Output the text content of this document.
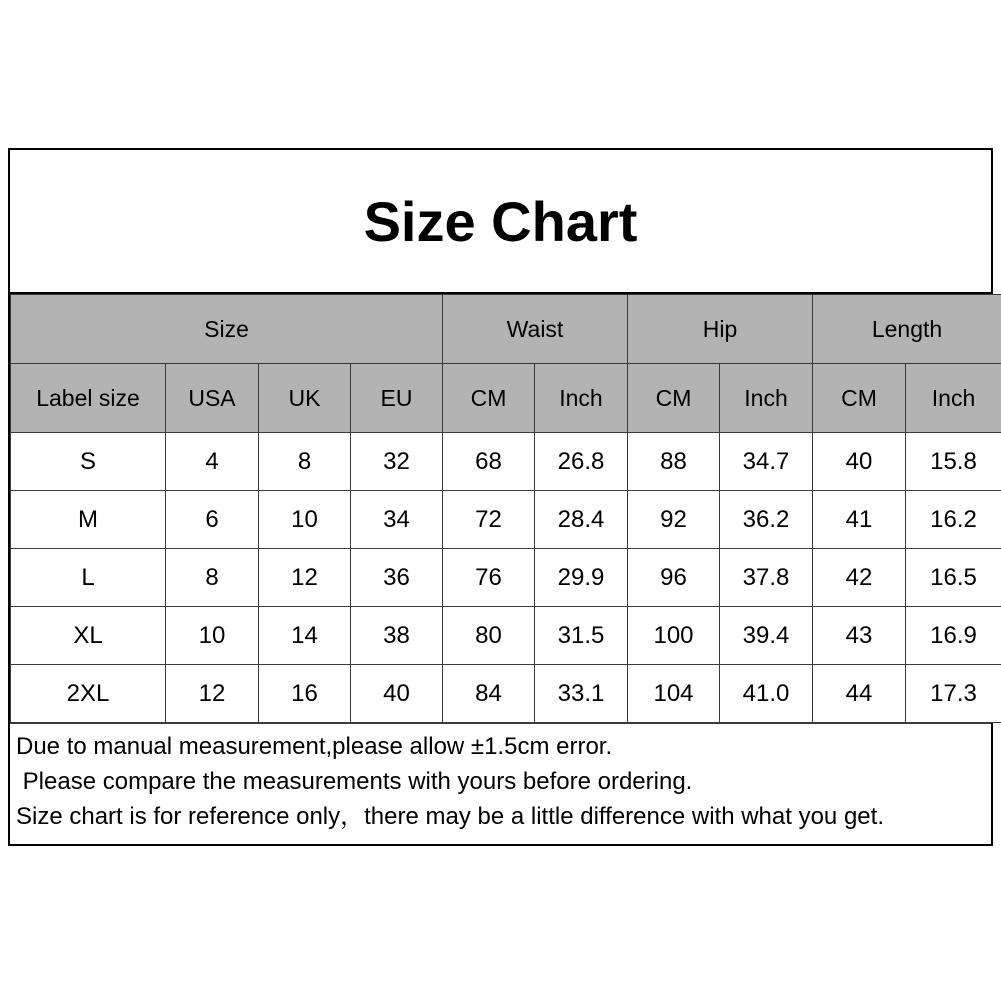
Size Chart
Size				Waist		Hip		Length	
Label size	USA	UK	EU	CM	Inch	CM	Inch	CM	Inch
S	4	8	32	68	26.8	88	34.7	40	15.8
M	6	10	34	72	28.4	92	36.2	41	16.2
L	8	12	36	76	29.9	96	37.8	42	16.5
XL	10	14	38	80	31.5	100	39.4	43	16.9
2XL	12	16	40	84	33.1	104	41.0	44	17.3
Due to manual measurement,please allow ±1.5cm error.
Please compare the measurements with yours before ordering.
Size chart is for reference only，there may be a little difference with what you get.
